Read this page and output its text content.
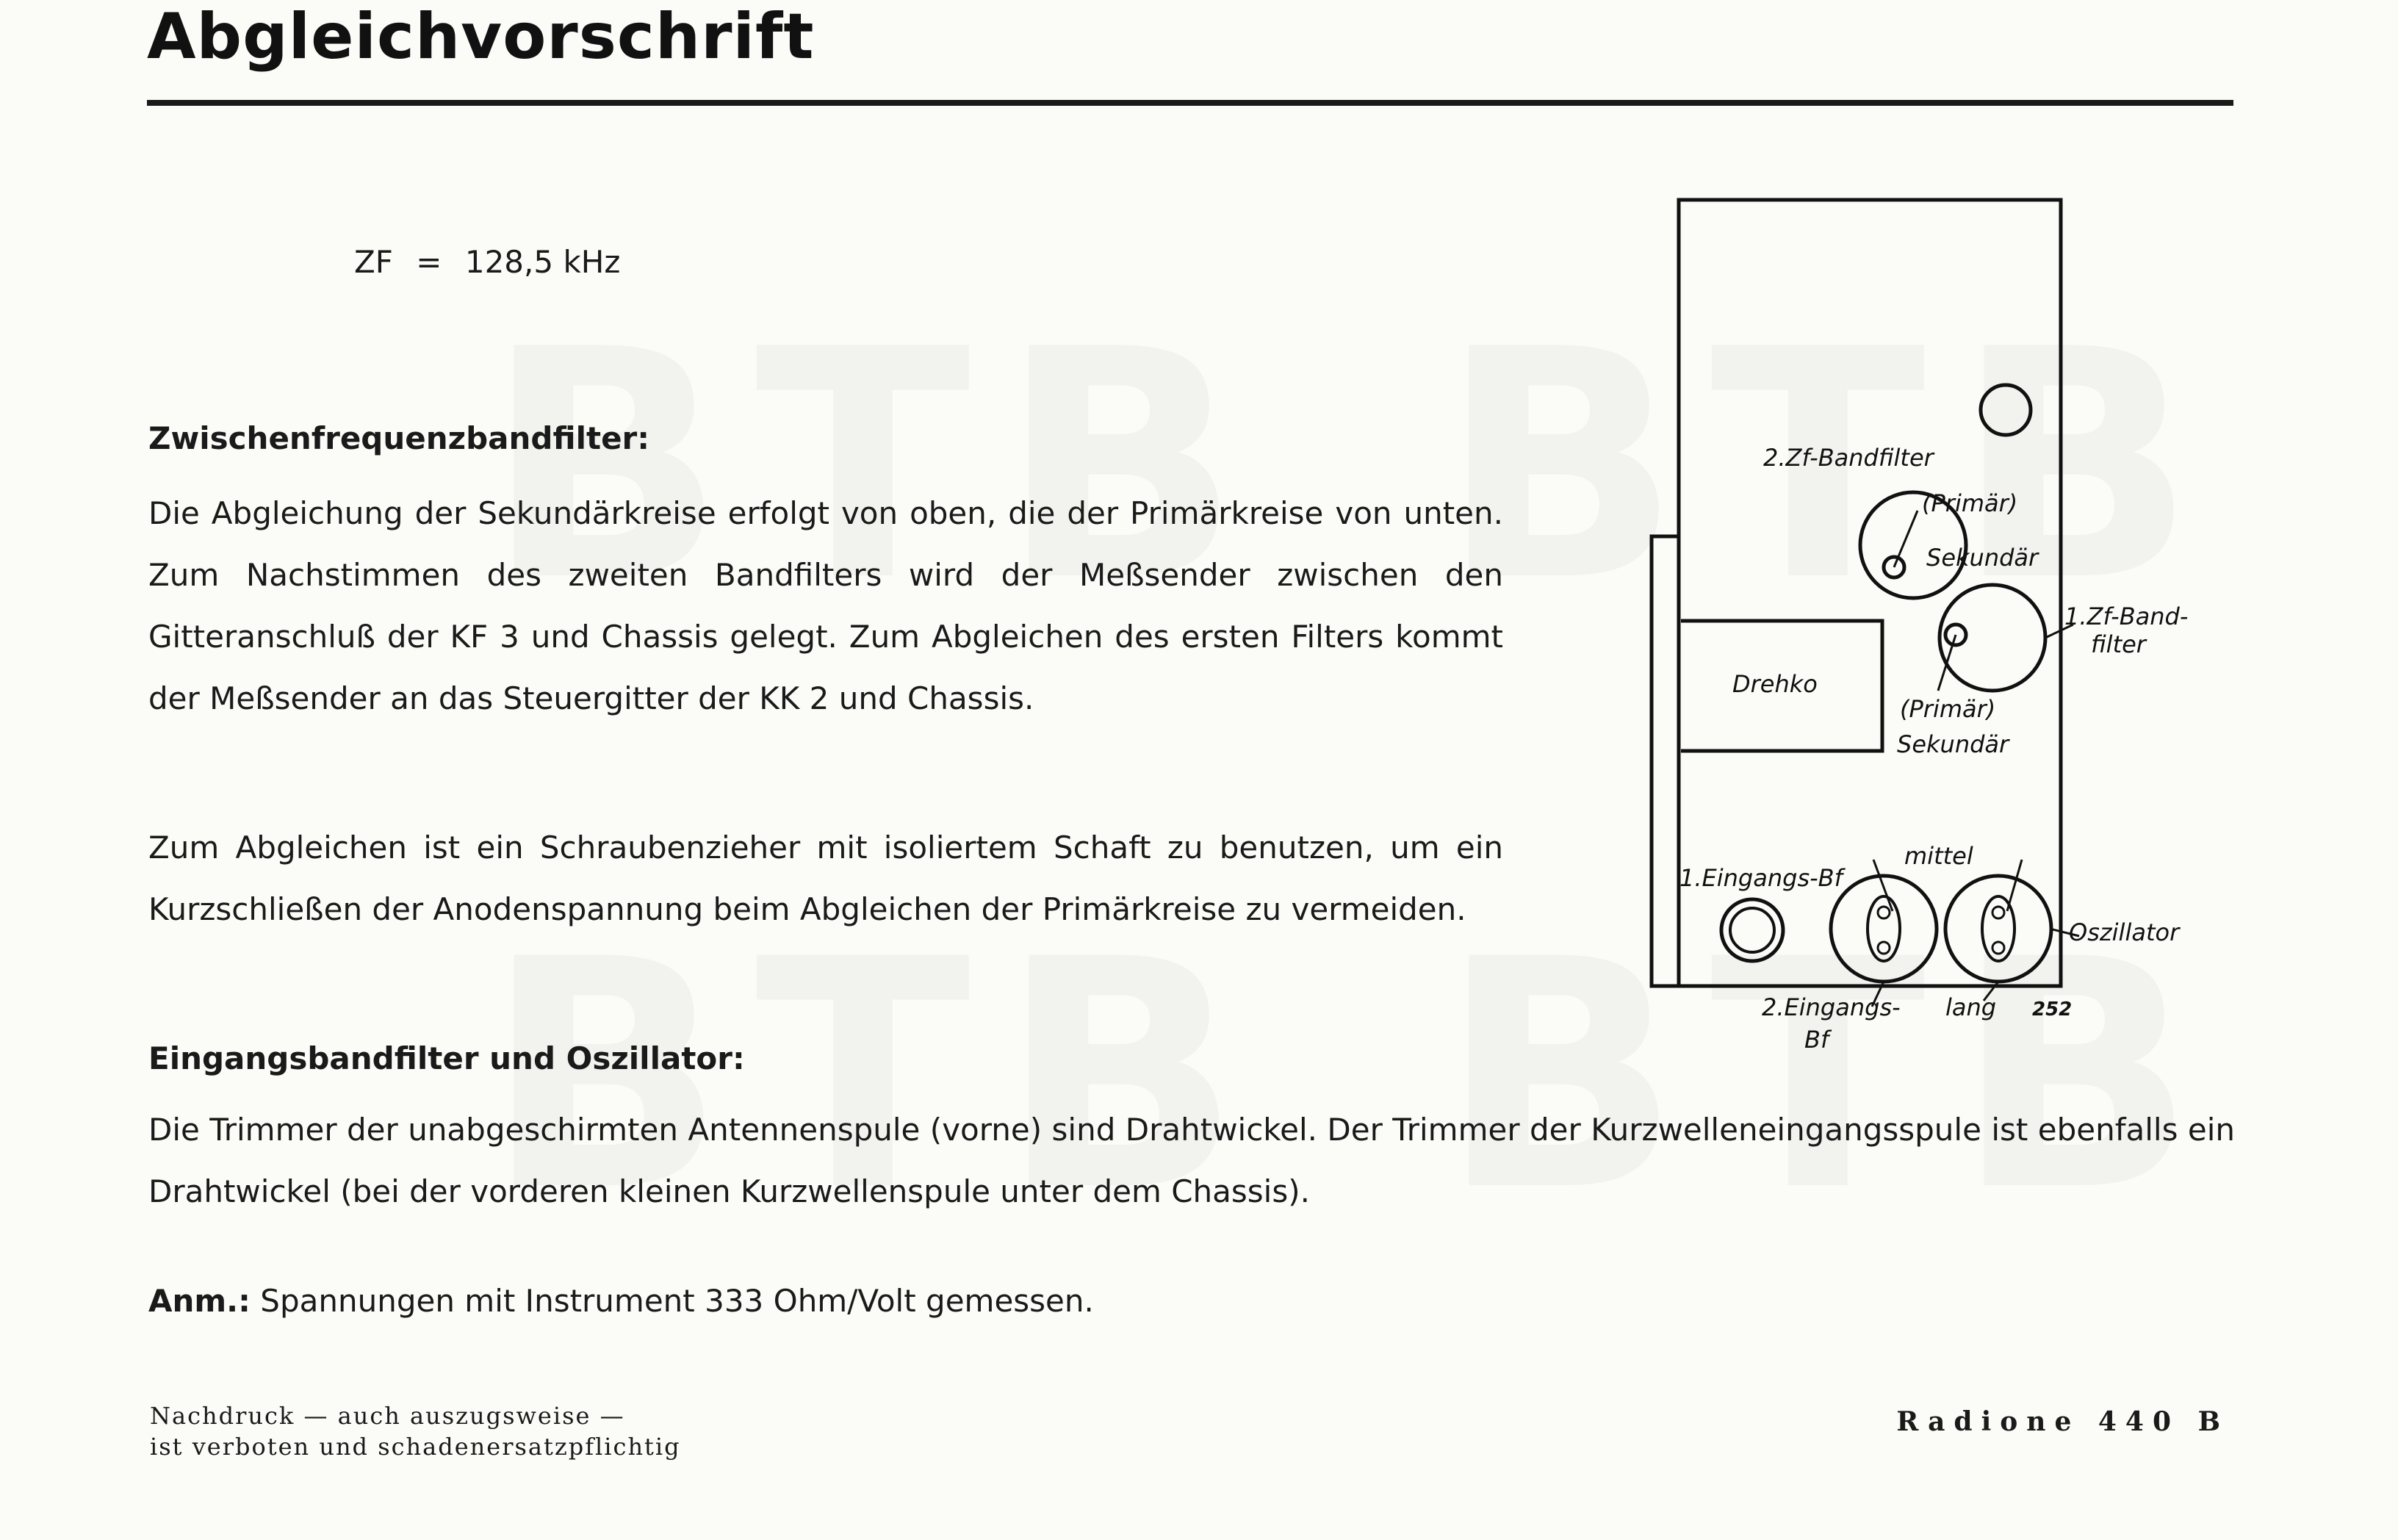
Abgleichvorschrift
ZF = 128,5 kHz
Zwischenfrequenzbandfilter:
Die Abgleichung der Sekundärkreise erfolgt von oben, die der Primärkreise von unten. Zum Nachstimmen des zweiten Bandfilters wird der Meßsender zwischen den Gitteranschluß der KF 3 und Chassis gelegt. Zum Abgleichen des ersten Filters kommt der Meßsender an das Steuergitter der KK 2 und Chassis.
Zum Abgleichen ist ein Schraubenzieher mit isoliertem Schaft zu benutzen, um ein Kurzschließen der Anodenspannung beim Abgleichen der Primärkreise zu vermeiden.
Eingangsbandfilter und Oszillator:
Die Trimmer der unabgeschirmten Antennenspule (vorne) sind Drahtwickel. Der Trimmer der Kurzwelleneingangsspule ist ebenfalls ein Drahtwickel (bei der vorderen kleinen Kurzwellenspule unter dem Chassis).
Anm.: Spannungen mit Instrument 333 Ohm/Volt gemessen.
Nachdruck — auch auszugsweise —
ist verboten und schadenersatzpflichtig
Radione 440 B
2.Zf-Bandfilter
(Primär)
Sekundär
1.Zf-Band-
filter
Drehko
(Primär)
Sekundär
1.Eingangs-Bf
mittel
Oszillator
2.Eingangs-
Bf
lang 252
